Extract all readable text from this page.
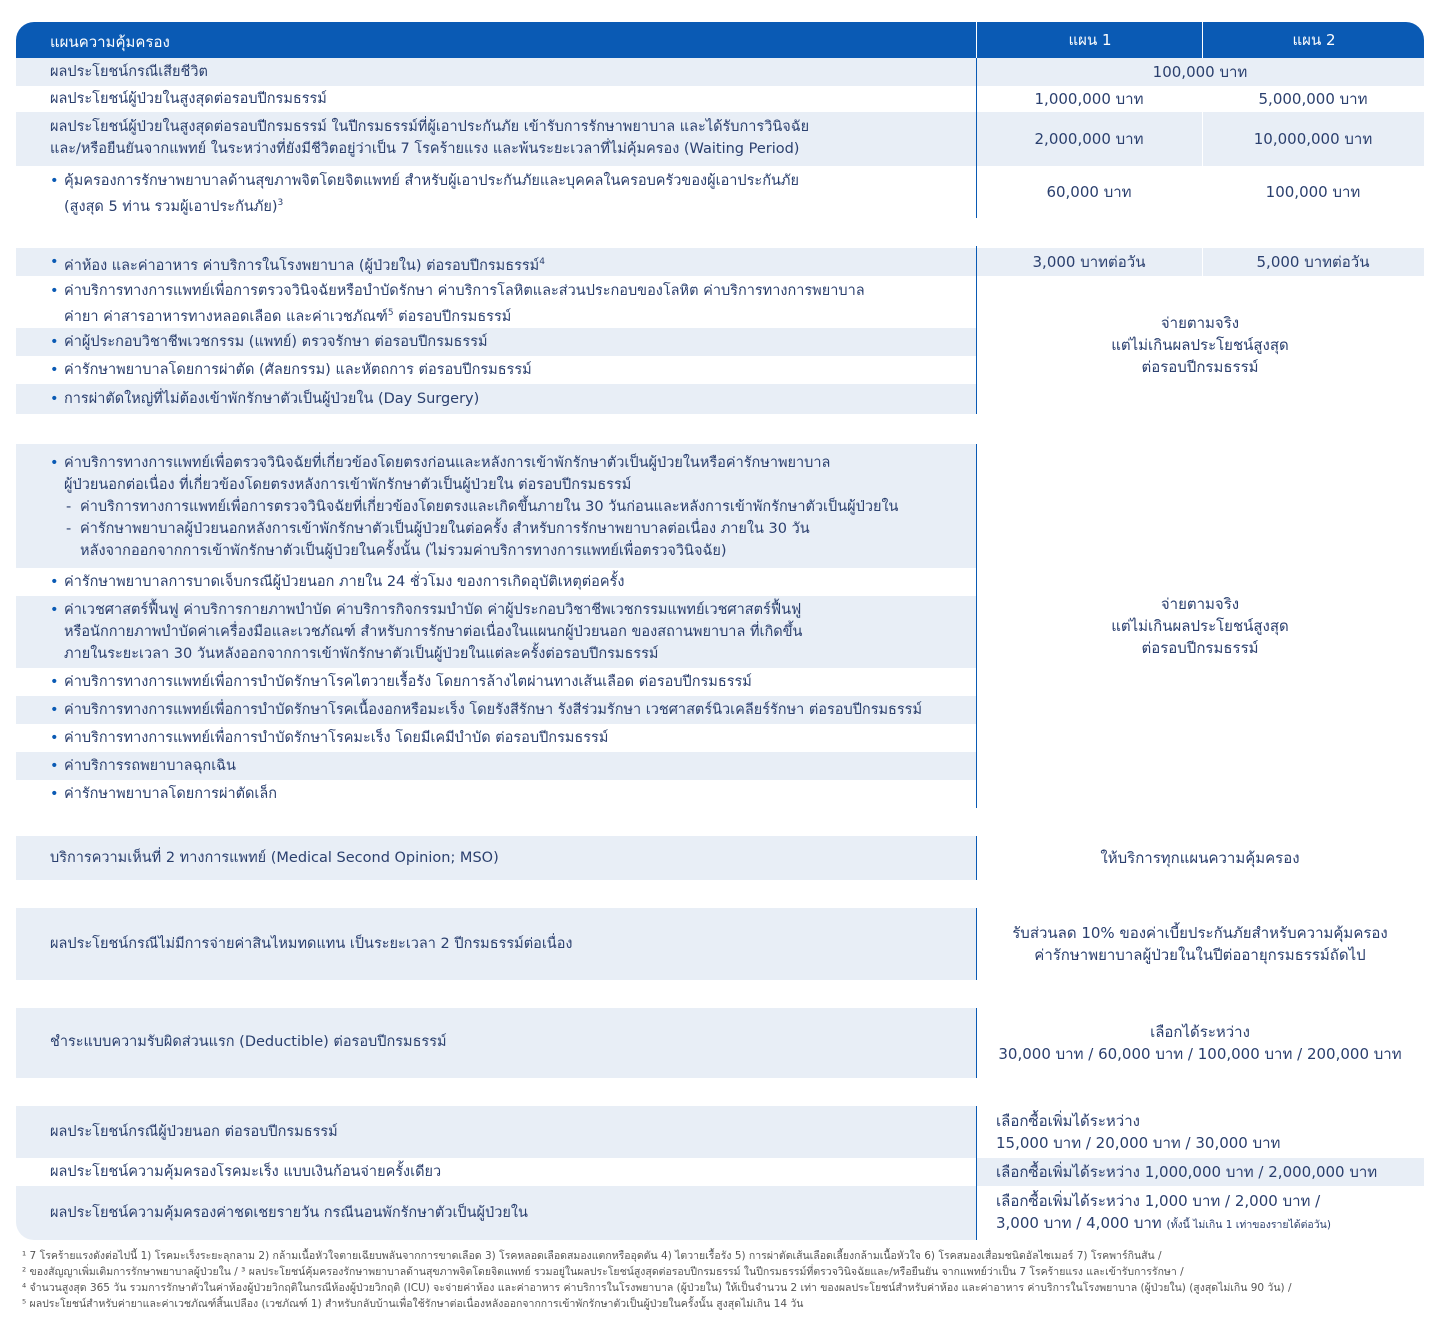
แผนความคุ้มครอง	แผน 1	แผน 2
ผลประโยชน์กรณีเสียชีวิต	100,000 บาท
ผลประโยชน์ผู้ป่วยในสูงสุดต่อรอบปีกรมธรรม์	1,000,000 บาท	5,000,000 บาท
ผลประโยชน์ผู้ป่วยในสูงสุดต่อรอบปีกรมธรรม์ ในปีกรมธรรม์ที่ผู้เอาประกันภัย เข้ารับการรักษาพยาบาล และได้รับการวินิจฉัย
และ/หรือยืนยันจากแพทย์ ในระหว่างที่ยังมีชีวิตอยู่ว่าเป็น 7 โรคร้ายแรง และพ้นระยะเวลาที่ไม่คุ้มครอง (Waiting Period)
2,000,000 บาท	10,000,000 บาท
• คุ้มครองการรักษาพยาบาลด้านสุขภาพจิตโดยจิตแพทย์ สำหรับผู้เอาประกันภัยและบุคคลในครอบครัวของผู้เอาประกันภัย
(สูงสุด 5 ท่าน รวมผู้เอาประกันภัย)$^3$
60,000 บาท	100,000 บาท
ผลประโยชน์กรณีเข้าพักรักษาตัวเป็นผู้ป่วยใน
• ค่าห้อง และค่าอาหาร ค่าบริการในโรงพยาบาล (ผู้ป่วยใน) ต่อรอบปีกรมธรรม์$^4$	3,000 บาทต่อวัน	5,000 บาทต่อวัน
• ค่าบริการทางการแพทย์เพื่อการตรวจวินิจฉัยหรือบำบัดรักษา ค่าบริการโลหิตและส่วนประกอบของโลหิต ค่าบริการทางการพยาบาล
ค่ายา ค่าสารอาหารทางหลอดเลือด และค่าเวชภัณฑ์$^5$ ต่อรอบปีกรมธรรม์
• ค่าผู้ประกอบวิชาชีพเวชกรรม (แพทย์) ตรวจรักษา ต่อรอบปีกรมธรรม์
• ค่ารักษาพยาบาลโดยการผ่าตัด (ศัลยกรรม) และหัตถการ ต่อรอบปีกรมธรรม์
• การผ่าตัดใหญ่ที่ไม่ต้องเข้าพักรักษาตัวเป็นผู้ป่วยใน (Day Surgery)
จ่ายตามจริง
แต่ไม่เกินผลประโยชน์สูงสุด
ต่อรอบปีกรมธรรม์
ผลประโยชน์กรณีไม่ต้องเข้าพักรักษาตัวเป็นผู้ป่วยใน
• ค่าบริการทางการแพทย์เพื่อตรวจวินิจฉัยที่เกี่ยวข้องโดยตรงก่อนและหลังการเข้าพักรักษาตัวเป็นผู้ป่วยในหรือค่ารักษาพยาบาล
ผู้ป่วยนอกต่อเนื่อง ที่เกี่ยวข้องโดยตรงหลังการเข้าพักรักษาตัวเป็นผู้ป่วยใน ต่อรอบปีกรมธรรม์
- ค่าบริการทางการแพทย์เพื่อการตรวจวินิจฉัยที่เกี่ยวข้องโดยตรงและเกิดขึ้นภายใน 30 วันก่อนและหลังการเข้าพักรักษาตัวเป็นผู้ป่วยใน
- ค่ารักษาพยาบาลผู้ป่วยนอกหลังการเข้าพักรักษาตัวเป็นผู้ป่วยในต่อครั้ง สำหรับการรักษาพยาบาลต่อเนื่อง ภายใน 30 วัน
หลังจากออกจากการเข้าพักรักษาตัวเป็นผู้ป่วยในครั้งนั้น (ไม่รวมค่าบริการทางการแพทย์เพื่อตรวจวินิจฉัย)
• ค่ารักษาพยาบาลการบาดเจ็บกรณีผู้ป่วยนอก ภายใน 24 ชั่วโมง ของการเกิดอุบัติเหตุต่อครั้ง
• ค่าเวชศาสตร์ฟื้นฟู ค่าบริการกายภาพบำบัด ค่าบริการกิจกรรมบำบัด ค่าผู้ประกอบวิชาชีพเวชกรรมแพทย์เวชศาสตร์ฟื้นฟู
หรือนักกายภาพบำบัดค่าเครื่องมือและเวชภัณฑ์ สำหรับการรักษาต่อเนื่องในแผนกผู้ป่วยนอก ของสถานพยาบาล ที่เกิดขึ้น
ภายในระยะเวลา 30 วันหลังออกจากการเข้าพักรักษาตัวเป็นผู้ป่วยในแต่ละครั้งต่อรอบปีกรมธรรม์
• ค่าบริการทางการแพทย์เพื่อการบำบัดรักษาโรคไตวายเรื้อรัง โดยการล้างไตผ่านทางเส้นเลือด ต่อรอบปีกรมธรรม์
• ค่าบริการทางการแพทย์เพื่อการบำบัดรักษาโรคเนื้องอกหรือมะเร็ง โดยรังสีรักษา รังสีร่วมรักษา เวชศาสตร์นิวเคลียร์รักษา ต่อรอบปีกรมธรรม์
• ค่าบริการทางการแพทย์เพื่อการบำบัดรักษาโรคมะเร็ง โดยมีเคมีบำบัด ต่อรอบปีกรมธรรม์
• ค่าบริการรถพยาบาลฉุกเฉิน
• ค่ารักษาพยาบาลโดยการผ่าตัดเล็ก
จ่ายตามจริง
แต่ไม่เกินผลประโยชน์สูงสุด
ต่อรอบปีกรมธรรม์
บริการเสริมพิเศษ
บริการความเห็นที่ 2 ทางการแพทย์ (Medical Second Opinion; MSO)	ให้บริการทุกแผนความคุ้มครอง
ส่วนลดเบี้ยประกันภัย
ผลประโยชน์กรณีไม่มีการจ่ายค่าสินไหมทดแทน เป็นระยะเวลา 2 ปีกรมธรรม์ต่อเนื่อง
รับส่วนลด 10% ของค่าเบี้ยประกันภัยสำหรับความคุ้มครอง
ค่ารักษาพยาบาลผู้ป่วยในในปีต่ออายุกรมธรรม์ถัดไป
เลือกจ่ายเบี้ยถูกกว่า
ชำระแบบความรับผิดส่วนแรก (Deductible) ต่อรอบปีกรมธรรม์
เลือกได้ระหว่าง
30,000 บาท / 60,000 บาท / 100,000 บาท / 200,000 บาท
เลือกรับการมีความคุ้มครองเพิ่มเติม
ผลประโยชน์กรณีผู้ป่วยนอก ต่อรอบปีกรมธรรม์
เลือกซื้อเพิ่มได้ระหว่าง
15,000 บาท / 20,000 บาท / 30,000 บาท
ผลประโยชน์ความคุ้มครองโรคมะเร็ง แบบเงินก้อนจ่ายครั้งเดียว	เลือกซื้อเพิ่มได้ระหว่าง 1,000,000 บาท / 2,000,000 บาท
ผลประโยชน์ความคุ้มครองค่าชดเชยรายวัน กรณีนอนพักรักษาตัวเป็นผู้ป่วยใน
เลือกซื้อเพิ่มได้ระหว่าง 1,000 บาท / 2,000 บาท /
3,000 บาท / 4,000 บาท (ทั้งนี้ ไม่เกิน 1 เท่าของรายได้ต่อวัน)
¹ 7 โรคร้ายแรงดังต่อไปนี้ 1) โรคมะเร็งระยะลุกลาม 2) กล้ามเนื้อหัวใจตายเฉียบพลันจากการขาดเลือด 3) โรคหลอดเลือดสมองแตกหรืออุดตัน 4) ไตวายเรื้อรัง 5) การผ่าตัดเส้นเลือดเลี้ยงกล้ามเนื้อหัวใจ 6) โรคสมองเสื่อมชนิดอัลไซเมอร์ 7) โรคพาร์กินสัน /
² ของสัญญาเพิ่มเติมการรักษาพยาบาลผู้ป่วยใน / ³ ผลประโยชน์คุ้มครองรักษาพยาบาลด้านสุขภาพจิตโดยจิตแพทย์ รวมอยู่ในผลประโยชน์สูงสุดต่อรอบปีกรมธรรม์ ในปีกรมธรรม์ที่ตรวจวินิจฉัยและ/หรือยืนยัน จากแพทย์ว่าเป็น 7 โรคร้ายแรง และเข้ารับการรักษา /
⁴ จำนวนสูงสุด 365 วัน รวมการรักษาตัวในค่าห้องผู้ป่วยวิกฤติในกรณีห้องผู้ป่วยวิกฤติ (ICU) จะจ่ายค่าห้อง และค่าอาหาร ค่าบริการในโรงพยาบาล (ผู้ป่วยใน) ให้เป็นจำนวน 2 เท่า ของผลประโยชน์สำหรับค่าห้อง และค่าอาหาร ค่าบริการในโรงพยาบาล (ผู้ป่วยใน) (สูงสุดไม่เกิน 90 วัน) /
⁵ ผลประโยชน์สำหรับค่ายาและค่าเวชภัณฑ์สิ้นเปลือง (เวชภัณฑ์ 1) สำหรับกลับบ้านเพื่อใช้รักษาต่อเนื่องหลังออกจากการเข้าพักรักษาตัวเป็นผู้ป่วยในครั้งนั้น สูงสุดไม่เกิน 14 วัน
